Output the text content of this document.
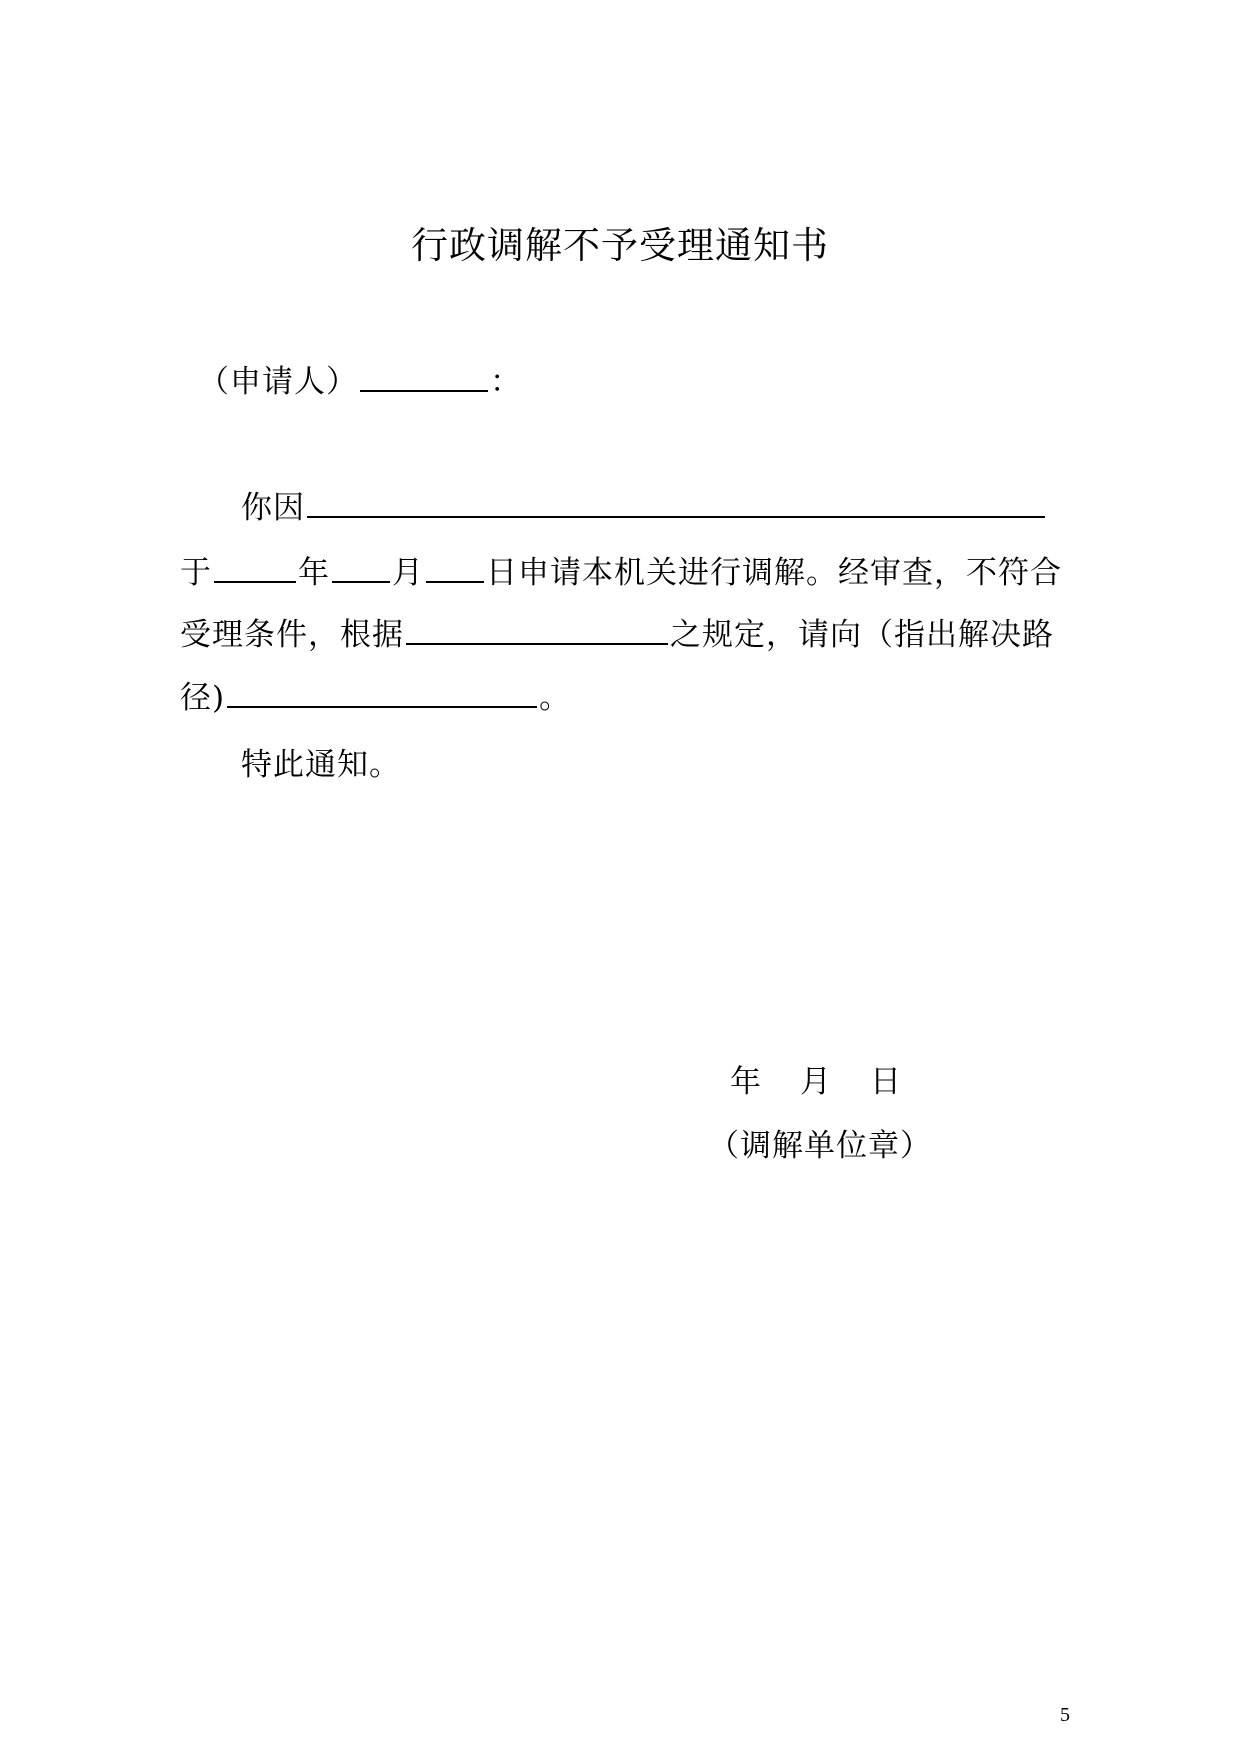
行政调解不予受理通知书

（申请人）	：

你因

于	年 月 日申请本机关进行调解。经审查，不符合

受理条件，根据	之规定，请向（指出解决路

径)	。

特此通知。

年　月　日

（调解单位章）

5
